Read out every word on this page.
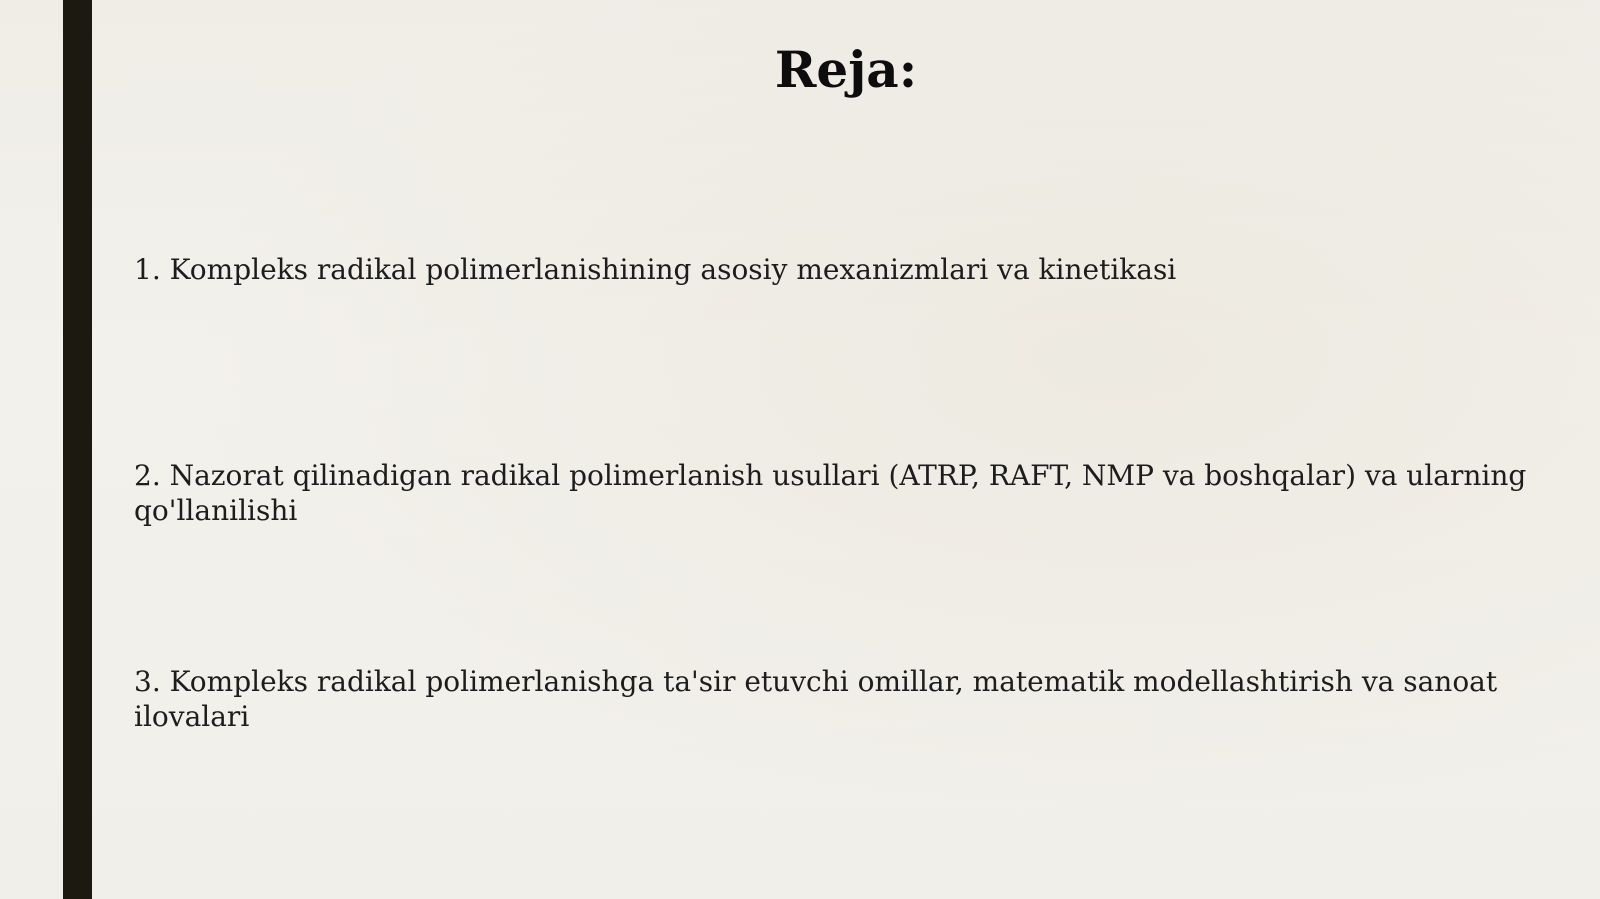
Reja:
1. Kompleks radikal polimerlanishining asosiy mexanizmlari va kinetikasi
2. Nazorat qilinadigan radikal polimerlanish usullari (ATRP, RAFT, NMP va boshqalar) va ularning qo'llanilishi
3. Kompleks radikal polimerlanishga ta'sir etuvchi omillar, matematik modellashtirish va sanoat ilovalari
